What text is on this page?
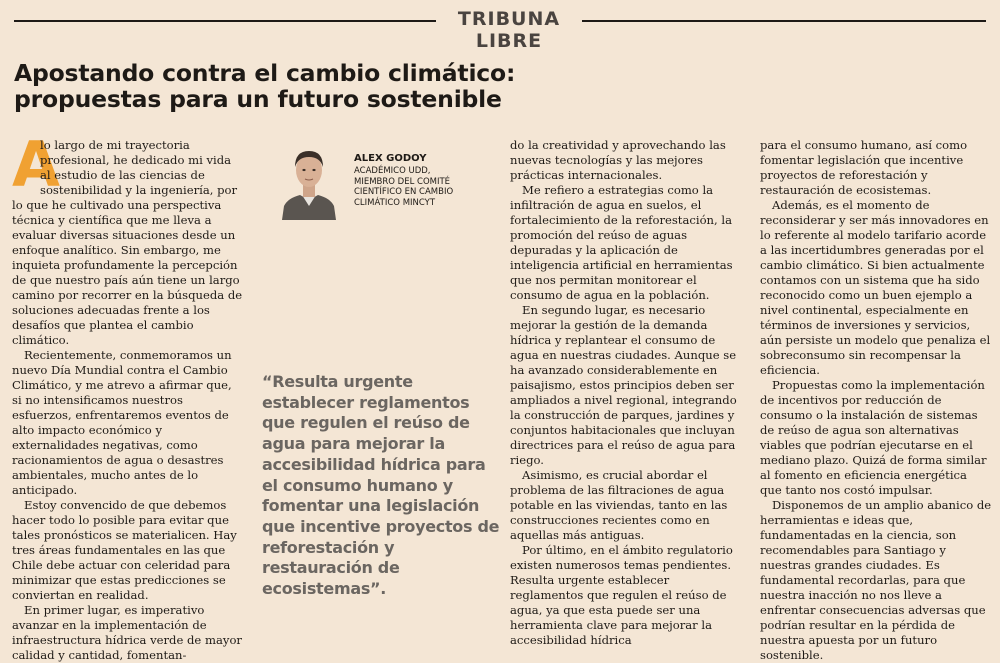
TRIBUNA LIBRE
Apostando contra el cambio climático:
propuestas para un futuro sostenible

A
lo largo de mi trayectoria profesional, he dedicado mi vida al estudio de las ciencias de sostenibilidad y la ingeniería, por lo que he cultivado una perspectiva técnica y científica que me lleva a evaluar diversas situaciones desde un enfoque analítico. Sin embargo, me inquieta profundamente la percepción de que nuestro país aún tiene un largo camino por recorrer en la búsqueda de soluciones adecuadas frente a los desafíos que plantea el cambio climático.

Recientemente, conmemoramos un nuevo Día Mundial contra el Cambio Climático, y me atrevo a afirmar que, si no intensificamos nuestros esfuerzos, enfrentaremos eventos de alto impacto económico y externalidades negativas, como racionamientos de agua o desastres ambientales, mucho antes de lo anticipado.

Estoy convencido de que debemos hacer todo lo posible para evitar que tales pronósticos se materialicen. Hay tres áreas fundamentales en las que Chile debe actuar con celeridad para minimizar que estas predicciones se conviertan en realidad.

En primer lugar, es imperativo avanzar en la implementación de infraestructura hídrica verde de mayor calidad y cantidad, fomentan-

ALEX GODOY
ACADÉMICO UDD,
MIEMBRO DEL COMITÉ
CIENTÍFICO EN CAMBIO
CLIMÁTICO MINCYT
“Resulta urgente establecer reglamentos que regulen el reúso de agua para mejorar la accesibilidad hídrica para el consumo humano y fomentar una legislación que incentive proyectos de reforestación y restauración de ecosistemas”.

do la creatividad y aprovechando las nuevas tecnologías y las mejores prácticas internacionales.

Me refiero a estrategias como la infiltración de agua en suelos, el fortalecimiento de la reforestación, la promoción del reúso de aguas depuradas y la aplicación de inteligencia artificial en herramientas que nos permitan monitorear el consumo de agua en la población.

En segundo lugar, es necesario mejorar la gestión de la demanda hídrica y replantear el consumo de agua en nuestras ciudades. Aunque se ha avanzado considerablemente en paisajismo, estos principios deben ser ampliados a nivel regional, integrando la construcción de parques, jardines y conjuntos habitacionales que incluyan directrices para el reúso de agua para riego.

Asimismo, es crucial abordar el problema de las filtraciones de agua potable en las viviendas, tanto en las construcciones recientes como en aquellas más antiguas.

Por último, en el ámbito regulatorio existen numerosos temas pendientes. Resulta urgente establecer reglamentos que regulen el reúso de agua, ya que esta puede ser una herramienta clave para mejorar la accesibilidad hídrica

para el consumo humano, así como fomentar legislación que incentive proyectos de reforestación y restauración de ecosistemas.

Además, es el momento de reconsiderar y ser más innovadores en lo referente al modelo tarifario acorde a las incertidumbres generadas por el cambio climático. Si bien actualmente contamos con un sistema que ha sido reconocido como un buen ejemplo a nivel continental, especialmente en términos de inversiones y servicios, aún persiste un modelo que penaliza el sobreconsumo sin recompensar la eficiencia.

Propuestas como la implementación de incentivos por reducción de consumo o la instalación de sistemas de reúso de agua son alternativas viables que podrían ejecutarse en el mediano plazo. Quizá de forma similar al fomento en eficiencia energética que tanto nos costó impulsar.

Disponemos de un amplio abanico de herramientas e ideas que, fundamentadas en la ciencia, son recomendables para Santiago y nuestras grandes ciudades. Es fundamental recordarlas, para que nuestra inacción no nos lleve a enfrentar consecuencias adversas que podrían resultar en la pérdida de nuestra apuesta por un futuro sostenible.
